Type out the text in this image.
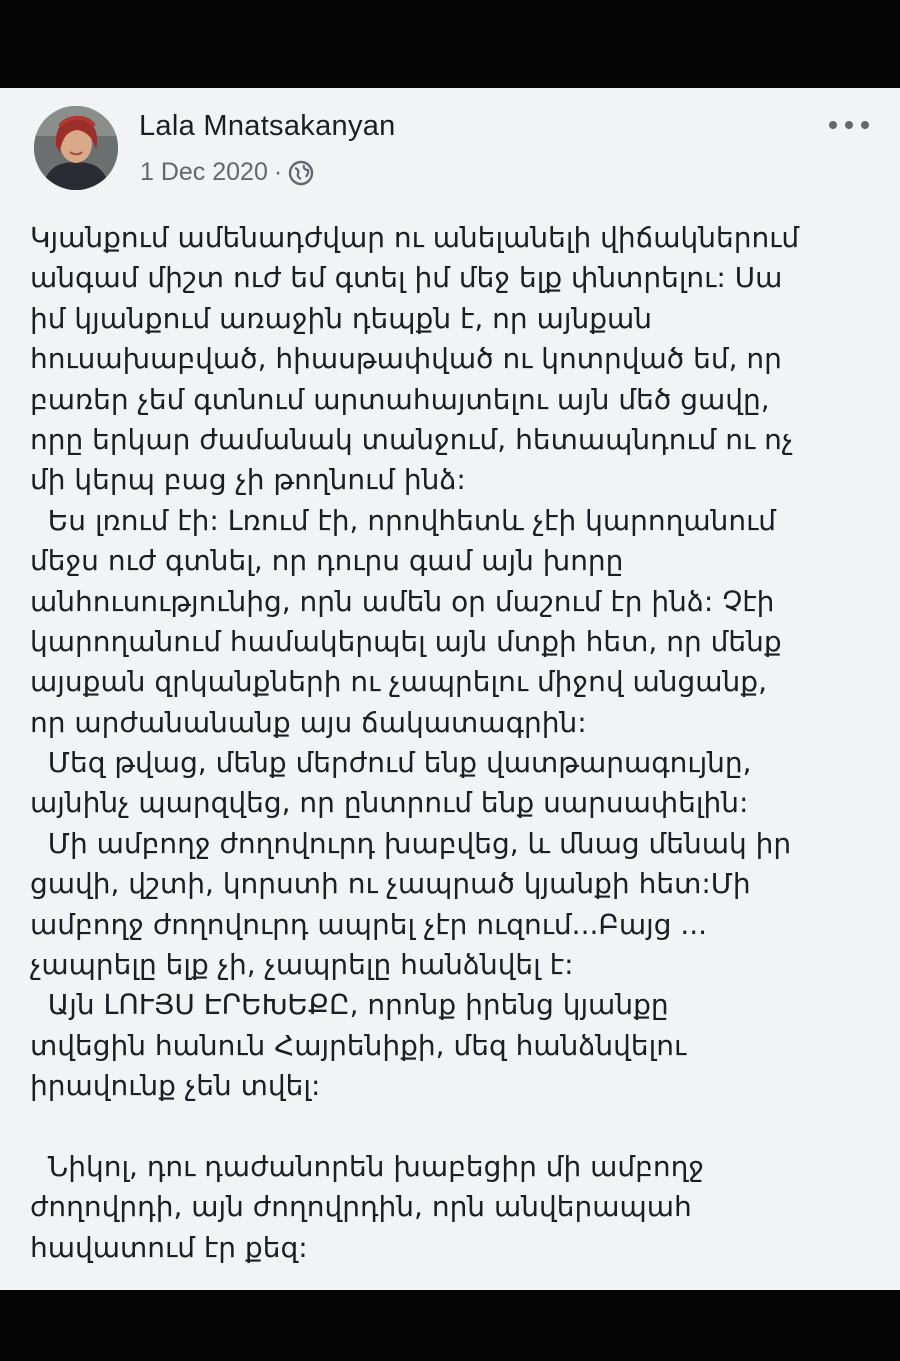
Lala Mnatsakanyan
1 Dec 2020 ·
Կյանքում ամենադժվար ու անելանելի վիճակներում
անգամ միշտ ուժ եմ գտել իմ մեջ ելք փնտրելու: Սա
իմ կյանքում առաջին դեպքն է, որ այնքան
հուսախաբված, հիասթափված ու կոտրված եմ, որ
բառեր չեմ գտնում արտահայտելու այն մեծ ցավը,
որը երկար ժամանակ տանջում, հետապնդում ու ոչ
մի կերպ բաց չի թողնում ինձ:
Ես լռում էի: Լռում էի, որովհետև չէի կարողանում
մեջս ուժ գտնել, որ դուրս գամ այն խորը
անհուսությունից, որն ամեն օր մաշում էր ինձ: Չէի
կարողանում համակերպել այն մտքի հետ, որ մենք
այսքան զրկանքների ու չապրելու միջով անցանք,
որ արժանանանք այս ճակատագրին:
Մեզ թվաց, մենք մերժում ենք վատթարագույնը,
այնինչ պարզվեց, որ ընտրում ենք սարսափելին:
Մի ամբողջ ժողովուրդ խաբվեց, և մնաց մենակ իր
ցավի, վշտի, կորստի ու չապրած կյանքի հետ:Մի
ամբողջ ժողովուրդ ապրել չէր ուզում...Բայց ...
չապրելը ելք չի, չապրելը հանձնվել է:
Այն ԼՈՒՅՍ ԷՐԵԽԵՔԸ, որոնք իրենց կյանքը
տվեցին հանուն Հայրենիքի, մեզ հանձնվելու
իրավունք չեն տվել:
Նիկոլ, դու դաժանորեն խաբեցիր մի ամբողջ
ժողովրդի, այն ժողովրդին, որն անվերապահ
հավատում էր քեզ:
